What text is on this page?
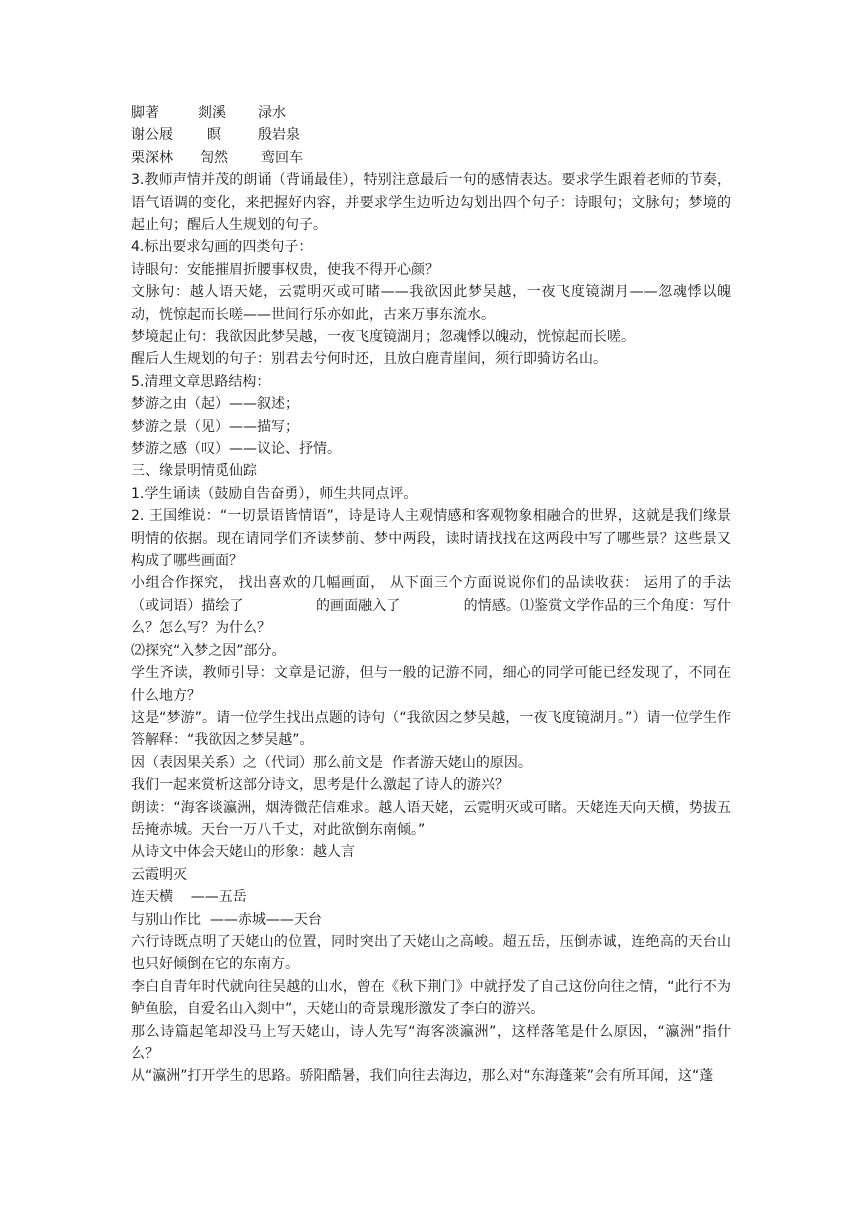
脚著	剡溪 渌水
谢公屐 瞑	殷岩泉
栗深林 訇然 鸾回车
3.教师声情并茂的朗诵（背诵最佳），特别注意最后一句的感情表达。要求学生跟着老师的节奏，语气语调的变化，来把握好内容，并要求学生边听边勾划出四个句子：诗眼句；文脉句；梦境的起止句；醒后人生规划的句子。
4.标出要求勾画的四类句子：
诗眼句：安能摧眉折腰事权贵，使我不得开心颜？
文脉句：越人语天姥，云霓明灭或可睹——我欲因此梦吴越，一夜飞度镜湖月——忽魂悸以魄动，恍惊起而长嗟——世间行乐亦如此，古来万事东流水。
梦境起止句：我欲因此梦吴越，一夜飞度镜湖月；忽魂悸以魄动，恍惊起而长嗟。
醒后人生规划的句子：别君去兮何时还，且放白鹿青崖间，须行即骑访名山。
5.清理文章思路结构：
梦游之由（起）——叙述；
梦游之景（见）——描写；
梦游之感（叹）——议论、抒情。
三、缘景明情觅仙踪
1.学生诵读（鼓励自告奋勇），师生共同点评。
2. 王国维说：“一切景语皆情语”，诗是诗人主观情感和客观物象相融合的世界，这就是我们缘景明情的依据。现在请同学们齐读梦前、梦中两段，读时请找找在这两段中写了哪些景？这些景又构成了哪些画面？
小组合作探究， 找出喜欢的几幅画面， 从下面三个方面说说你们的品读收获： 运用了的手法（或词语）描绘了                的画面融入了              的情感。⑴鉴赏文学作品的三个角度：写什么？怎么写？为什么？
⑵探究“入梦之因”部分。
学生齐读，教师引导：文章是记游，但与一般的记游不同，细心的同学可能已经发现了，不同在什么地方？
这是“梦游”。请一位学生找出点题的诗句（“我欲因之梦吴越，一夜飞度镜湖月。”）请一位学生作答解释：“我欲因之梦吴越”。
因（表因果关系）之（代词）那么前文是  作者游天姥山的原因。
我们一起来赏析这部分诗文，思考是什么激起了诗人的游兴？
朗读：“海客谈瀛洲，烟涛微茫信难求。越人语天姥，云霓明灭或可睹。天姥连天向天横，势拔五岳掩赤城。天台一万八千丈，对此欲倒东南倾。”
从诗文中体会天姥山的形象：越人言
云霞明灭
连天横    ——五岳
与别山作比  ——赤城——天台
六行诗既点明了天姥山的位置，同时突出了天姥山之高峻。超五岳，压倒赤诚，连绝高的天台山也只好倾倒在它的东南方。
李白自青年时代就向往吴越的山水，曾在《秋下荆门》中就抒发了自己这份向往之情，“此行不为鲈鱼脍，自爱名山入剡中”，天姥山的奇景瑰形激发了李白的游兴。
那么诗篇起笔却没马上写天姥山，诗人先写“海客淡瀛洲”，这样落笔是什么原因，“瀛洲”指什么？
从“瀛洲”打开学生的思路。骄阳酷暑，我们向往去海边，那么对“东海蓬莱”会有所耳闻，这“蓬
